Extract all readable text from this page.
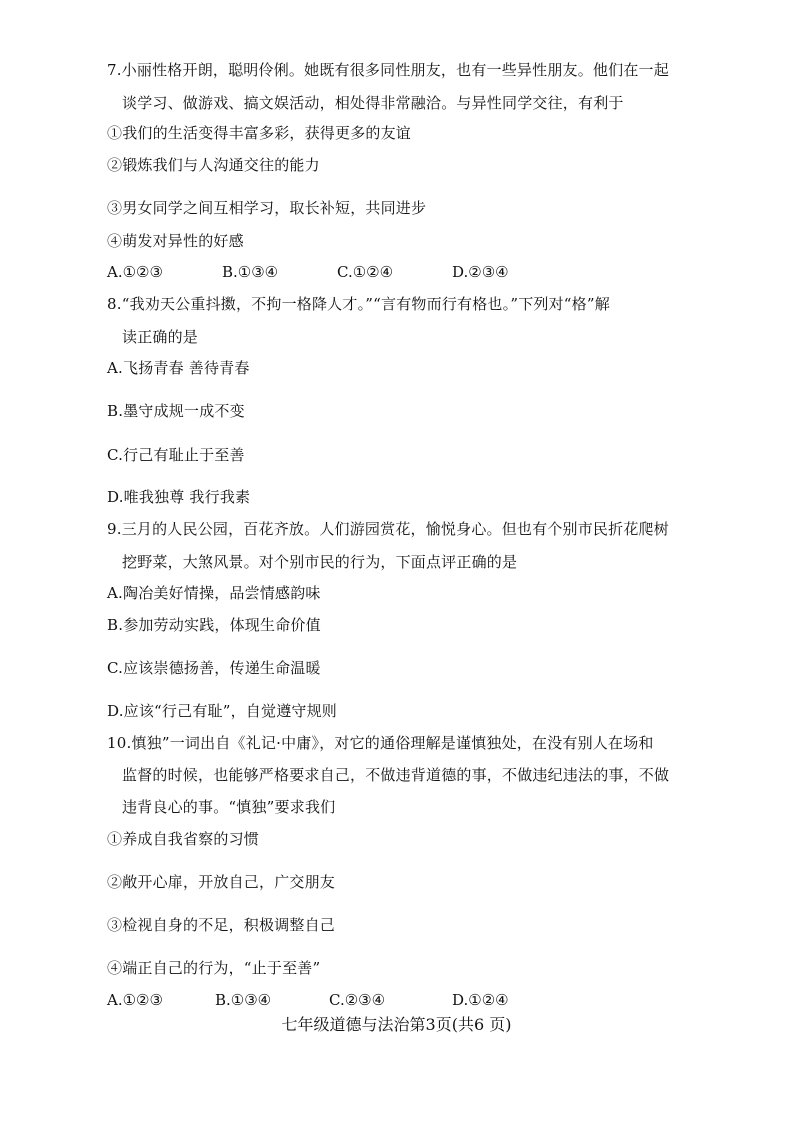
7.小丽性格开朗，聪明伶俐。她既有很多同性朋友，也有一些异性朋友。他们在一起
谈学习、做游戏、搞文娱活动，相处得非常融洽。与异性同学交往，有利于
①我们的生活变得丰富多彩，获得更多的友谊
②锻炼我们与人沟通交往的能力
③男女同学之间互相学习，取长补短，共同进步
④萌发对异性的好感
A.①②③	B.①③④	C.①②④	D.②③④
8.“我劝天公重抖擞，不拘一格降人才。”“言有物而行有格也。”下列对“格”解
读正确的是
A.飞扬青春 善待青春
B.墨守成规一成不变
C.行己有耻止于至善
D.唯我独尊 我行我素
9.三月的人民公园，百花齐放。人们游园赏花，愉悦身心。但也有个别市民折花爬树
挖野菜，大煞风景。对个别市民的行为，下面点评正确的是
A.陶冶美好情操，品尝情感韵味
B.参加劳动实践，体现生命价值
C.应该崇德扬善，传递生命温暖
D.应该“行己有耻”，自觉遵守规则
10.慎独”一词出自《礼记·中庸》，对它的通俗理解是谨慎独处，在没有别人在场和
监督的时候，也能够严格要求自己，不做违背道德的事，不做违纪违法的事，不做
违背良心的事。“慎独”要求我们
①养成自我省察的习惯
②敞开心扉，开放自己，广交朋友
③检视自身的不足，积极调整自己
④端正自己的行为，“止于至善”
A.①②③	B.①③④	C.②③④	D.①②④
七年级道德与法治第3页(共6 页)
